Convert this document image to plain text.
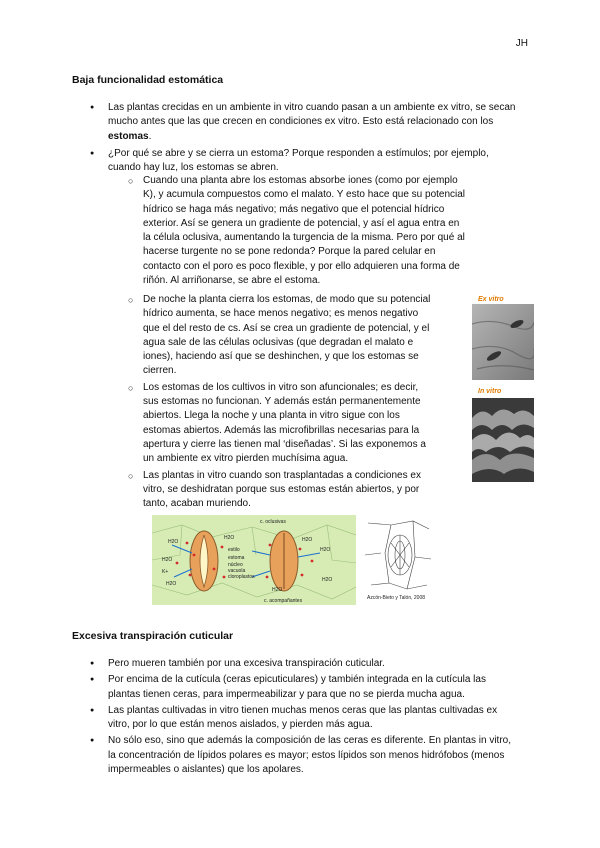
JH
Baja funcionalidad estomática
● Las plantas crecidas en un ambiente in vitro cuando pasan a un ambiente ex vitro, se secan mucho antes que las que crecen en condiciones ex vitro. Esto está relacionado con los estomas.
● ¿Por qué se abre y se cierra un estoma? Porque responden a estímulos; por ejemplo, cuando hay luz, los estomas se abren.
○ Cuando una planta abre los estomas absorbe iones (como por ejemplo K), y acumula compuestos como el malato. Y esto hace que su potencial hídrico se haga más negativo; más negativo que el potencial hídrico exterior. Así se genera un gradiente de potencial, y así el agua entra en la célula oclusiva, aumentando la turgencia de la misma. Pero por qué al hacerse turgente no se pone redonda? Porque la pared celular en contacto con el poro es poco flexible, y por ello adquieren una forma de riñón. Al arriñonarse, se abre el estoma.
○ De noche la planta cierra los estomas, de modo que su potencial hídrico aumenta, se hace menos negativo; es menos negativo que el del resto de cs. Así se crea un gradiente de potencial, y el agua sale de las células oclusivas (que degradan el malato e iones), haciendo así que se deshinchen, y que los estomas se cierren.
○ Los estomas de los cultivos in vitro son afuncionales; es decir, sus estomas no funcionan. Y además están permanentemente abiertos. Llega la noche y una planta in vitro sigue con los estomas abiertos. Además las microfibrillas necesarias para la apertura y cierre las tienen mal ‘diseñadas’. Si las exponemos a un ambiente ex vitro pierden muchísima agua.
○ Las plantas in vitro cuando son trasplantadas a condiciones ex vitro, se deshidratan porque sus estomas están abiertos, y por tanto, acaban muriendo.
Ex vitro
In vitro
H2O
H2O
K+
H2O
H2O
estilo
estoma
núcleo
vacuola
cloroplastos
H2O
H2O
H2O
H2O
c. oclusivas
c. acompañantes	Azcón-Bieto y Talón, 2008
Excesiva transpiración cuticular
● Pero mueren también por una excesiva transpiración cuticular.
● Por encima de la cutícula (ceras epicuticulares) y también integrada en la cutícula las plantas tienen ceras, para impermeabilizar y para que no se pierda mucha agua.
● Las plantas cultivadas in vitro tienen muchas menos ceras que las plantas cultivadas ex vitro, por lo que están menos aislados, y pierden más agua.
● No sólo eso, sino que además la composición de las ceras es diferente. En plantas in vitro, la concentración de lípidos polares es mayor; estos lípidos son menos hidrófobos (menos impermeables o aislantes) que los apolares.
